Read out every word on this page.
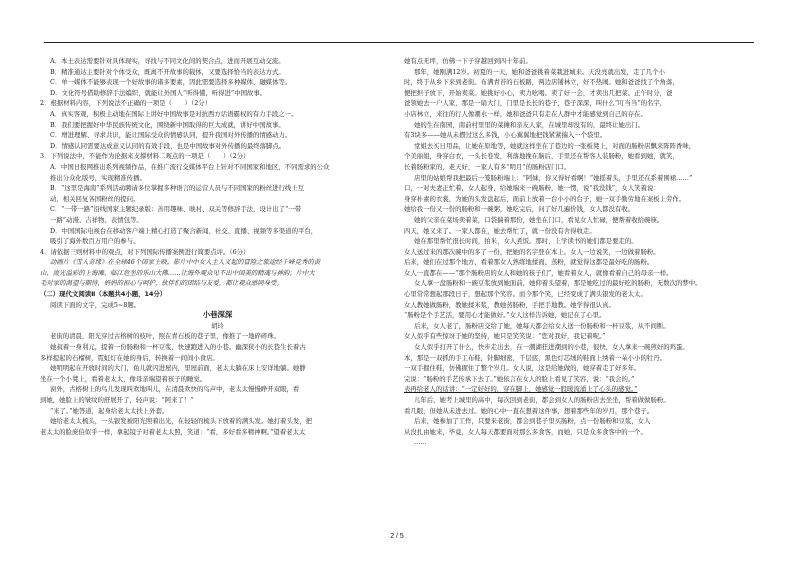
A．本土表达需要针对具体现实，寻找与不同文化间的契合点，进而开展互动交流。
B．精准通达主要针对个体受众，既离不开故事的载体，又要选择恰当的表达方式。
C．单一媒体不能够表现一个好故事的诸多要素，因此需要选择多种媒体、融媒体等。
D．文化符号借助修辞手法编织，就能让外国人“听得懂，听得进”中国故事。
2．根据材料内容，下列说法不正确的一项是（　　）（2分）
A．真实客观，积极主动地在国际上讲好中国故事是对抗西方话语霸权的有力手段之一。
B．我们要把握好中华民族传统文化，围绕新中国取得的巨大成就，讲好中国故事。
C．增进理解、寻求共识，能让国际受众的情感认同，提升我国对外传播的情感动力。
D．情感认同需要达成意义认同的有效手段，也是中国故事对外传播的最终落脚点。
3．下列说法中，不能作为论据来支撑材料二观点的一项是（　　）（2分）
A．中国日报网推出系列视频作品，在推广流行交媒体平台上针对不同国家和地区，不同需求的公众
推出分众化版号，实现精准传播。
B．“这里是海南”系列活动聘请多位掌握多种语言的运营人员与不同国家的粉丝进行线上互
动，相关回复各国粉丝的提问。
C．“一带一路”沿线国家主题纪录版：善用趣味、映衬、双关等修辞手法，设计出了“一带
一路”动漫、吉祥物、表情包等。
D．中国国际电视台在移动客户端上精心打造了聚合新闻、社交、直播、视频等多渠道的平台，
吸引了海外数百万用户的参与。
4．请依据三则材料中的观点，对下列国际传播案例进行简要点评。（6分）
动画片《雪人奇缘》在全球46个国家上映。影片中中女人主人义起的冒险之旅途经千峰竞秀的黄
山、流光溢彩的上海滩、临江危坐的乐山大佛……让海外观众见不出中国美的精魂与神韵；片中大
毛对家的渴望与期待，妈妈的担心与呵护，伙伴们的团结与友爱，都让观众感同身受。
（二）现代文阅读Ⅱ（本题共4小题，14分）
阅读下面的文字，完成5~8题。
小巷深深
胡玲
老街的清晨，阳光穿过古榕树的枝叶，照在青石板的巷子里，像推了一地碎碎珠。
她叔着一身利元，提着一份肠粉和一杯豆浆，快速跑进入的小巷。幽深狭小的长巷生长着古
多样提起的石榴树，霓虹灯在她的身后，转换着一间间小食店。
她明明起在开放时间的大门，鱼儿就闪进屋内，里屋前面，老太太躺在床上安详地躺。她静
坐在一个小凳上，看着老太太，像母亲端望着孩子的睡觉。
窗外，古榕树上的鸟儿发现叫欢地叫儿，在清晨欢快的鸟声中，老太太慢慢睁开双眼，看
到她，她脸上的皱纹的舒展开了，轻声说：“阿来了！”
“来了。”她答道，起身给老太太扶上外套。
她给老太太梳头，一头银发被阳光照着出光，在轻轻的梳头下放着的满头发。她打着头发，把
老太太的脸庞伯似乎一样，拿起镜子对着老太太照，笑道：“看，多好看多精神啊。”望着老太太
她有点无坪，仿佛一下子穿越回到四十年前。
那年，她刚满12岁。初夏的一天，她和爸爸挑着菜栽进城来。天没亮就出发，走了几个小
时，终于从乡下来到老街。布满青苔的石板路，两边店铺林立，好不热闹。她和爸爸找了个角落，
便把担子放下，开始卖菜。她挑好小心，卖力吆喝。卖了好一会，才卖出几把菜。正午时分，爸
爸领她去一户人家，那是一扇大门，门里是长长的巷子，巷子深深，叫什么“叮当当”的名字，
小店林立，来往的行人像潮水一样，她和爸爸只有走在人群中才能感觉到自己的存在。
她的生在南园，南前村里里的菜摊和亲友人家，在城里却没有的，最终让她出门。
有3块多——她从未攒过这么多钱，小心翼翼地把钱紧紧揣入一个袋里。
堂姐去买日用品，让她在原地等，她就这样坐在了巷边的一张板凳上，对面的肠粉店飘来阵阵香味，
个美丽姐，身穿白衣，一头长卷发，利落地挽在脑后，手里还在帮客人装肠粉，她看到她，就笑，
长着肠粉家的，老天好，一家人有多“明月”的肠粉店门口。
店里的姑娘帮我把最后一笼肠粉端上：“阿妹，你又得好看啊！”她摇着头，手里还在系着围裙……”
口，一对夫妻正忙着，女人起身，给她端来一碗肠粉，她一愣，说“我没钱”，女人笑着说：
身穿朴素的衣裳，为她的头发盘起后，面前上放着一台小小的台子，她一双手勤劳地在案板上劳作。
她给我一份又一份的肠粉和一碗粥，她吃完后，问了好几遍价钱，女人都没有收。
她的父亲在菜场卖着菜，口袋揣着那份，她坐在门口，看见女人忙碌，便帮着收拾碗筷。
四天，她又来了。一家人都在，她去帮忙了，就一份没有舍得收走。
她在那里帮忙很长时间，拍米，女人煮饭。那时，上学读书的她们都是要走的。
女人送过来的那次碗中的多了一份，把她的名字登在本上。女人一边说笑，一边做着肠粉。
后来，她们在过那个地方，看着那女人熟练地揉面、蒸粉，就觉得这都是最好吃的肠粉。
女人一直都在——“那个肠粉店的女人和她的孩子们”，她看着女人，就像看着自己的母亲一样。
女人拿一盘肠粉和一碗豆浆放到她面前，她仰着头望着，那是她吃过的最好吃的肠粉，无数次的梦中。
心里常常想起那段日子，想起那个笑容。而今那个笑，已经变成了满头银发的老太太。
女人教她做肠粉，教她揉米浆，教她蒸肠粉，手把手地教。她学得很认真。
“肠粉是个手艺活，要用心才能做好。”女人这样告诉她，她记在了心里。
后来，女人老了，肠粉店交给了她，她每天都会给女人送一份肠粉和一杯豆浆，从不间断。
女人似乎有些惊讶于她的坚持，她只是笑笑说：“您对我好，我记着呢。”
女人似乎打开了什么，快步走出去，在一潮湖狂进潮到的小巷，很快，女人拿来一碗煎好的鸡蛋。
本，那是一双抓的手工布鞋，针脚细密，千层底，黑色灯芯绒的鞋面上绣着一朵小小的牡丹。
一双手握住鞋，仿佛握住了整个岁月。女人说，这是给她做的，她穿着走了好多年。
完说：“肠粉的手艺传承下去了。”她依言在女人的脸上看见了笑容，说：“我会的。”
表再给老人的话讲：“一定好好的，穿在脚上，她感觉一股暖流涌上了心头的感觉。”
儿年后，她考上城里的高中，每次回到老街，都会到女人的肠粉店去坐坐，帮着做做肠粉。
看几眼，但她从未进去过。她的心中一直在想着这件事，想着那些年的岁月，那个巷子。
后来，她参加了工作，只要来老街，都会到巷子里买肠粉，点一份肠粉和豆浆，女人
从没扎由她来，毕竟，女人每天都要面对那么多食客，而她，只是众多食客中的一个。
……
2 / 5
